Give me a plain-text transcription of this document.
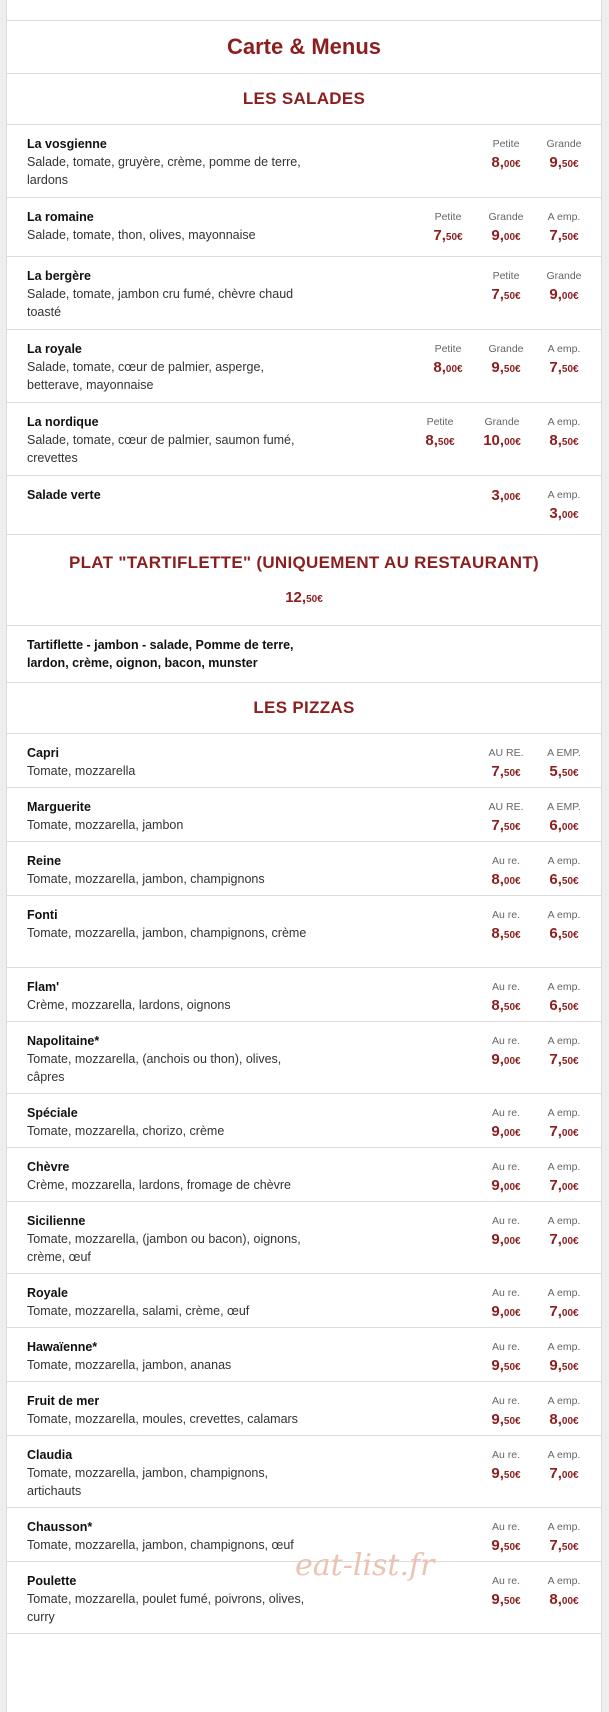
Carte & Menus
LES SALADES
La vosgienne
Salade, tomate, gruyère, crème, pomme de terre, lardons
Petite
8,00€
Grande
9,50€
La romaine
Salade, tomate, thon, olives, mayonnaise
Petite
7,50€
Grande
9,00€
A emp.
7,50€
La bergère
Salade, tomate, jambon cru fumé, chèvre chaud toasté
Petite
7,50€
Grande
9,00€
La royale
Salade, tomate, cœur de palmier, asperge, betterave, mayonnaise
Petite
8,00€
Grande
9,50€
A emp.
7,50€
La nordique
Salade, tomate, cœur de palmier, saumon fumé, crevettes
Petite
8,50€
Grande
10,00€
A emp.
8,50€
Salade verte	3,00€	A emp.
3,00€
PLAT "TARTIFLETTE" (UNIQUEMENT AU RESTAURANT)
12,50€
Tartiflette - jambon - salade, Pomme de terre, lardon, crème, oignon, bacon, munster
LES PIZZAS
Capri
Tomate, mozzarella
AU RE.
7,50€
A EMP.
5,50€
Marguerite
Tomate, mozzarella, jambon
AU RE.
7,50€
A EMP.
6,00€
Reine
Tomate, mozzarella, jambon, champignons
Au re.
8,00€
A emp.
6,50€
Fonti
Tomate, mozzarella, jambon, champignons, crème
Au re.
8,50€
A emp.
6,50€
Flam'
Crème, mozzarella, lardons, oignons
Au re.
8,50€
A emp.
6,50€
Napolitaine*
Tomate, mozzarella, (anchois ou thon), olives, câpres
Au re.
9,00€
A emp.
7,50€
Spéciale
Tomate, mozzarella, chorizo, crème
Au re.
9,00€
A emp.
7,00€
Chèvre
Crème, mozzarella, lardons, fromage de chèvre
Au re.
9,00€
A emp.
7,00€
Sicilienne
Tomate, mozzarella, (jambon ou bacon), oignons, crème, œuf
Au re.
9,00€
A emp.
7,00€
Royale
Tomate, mozzarella, salami, crème, œuf
Au re.
9,00€
A emp.
7,00€
Hawaïenne*
Tomate, mozzarella, jambon, ananas
Au re.
9,50€
A emp.
9,50€
Fruit de mer
Tomate, mozzarella, moules, crevettes, calamars
Au re.
9,50€
A emp.
8,00€
Claudia
Tomate, mozzarella, jambon, champignons, artichauts
Au re.
9,50€
A emp.
7,00€
Chausson*
Tomate, mozzarella, jambon, champignons, œuf
Au re.
9,50€
A emp.
7,50€
Poulette
Tomate, mozzarella, poulet fumé, poivrons, olives, curry
Au re.
9,50€
A emp.
8,00€
eat-list.fr
